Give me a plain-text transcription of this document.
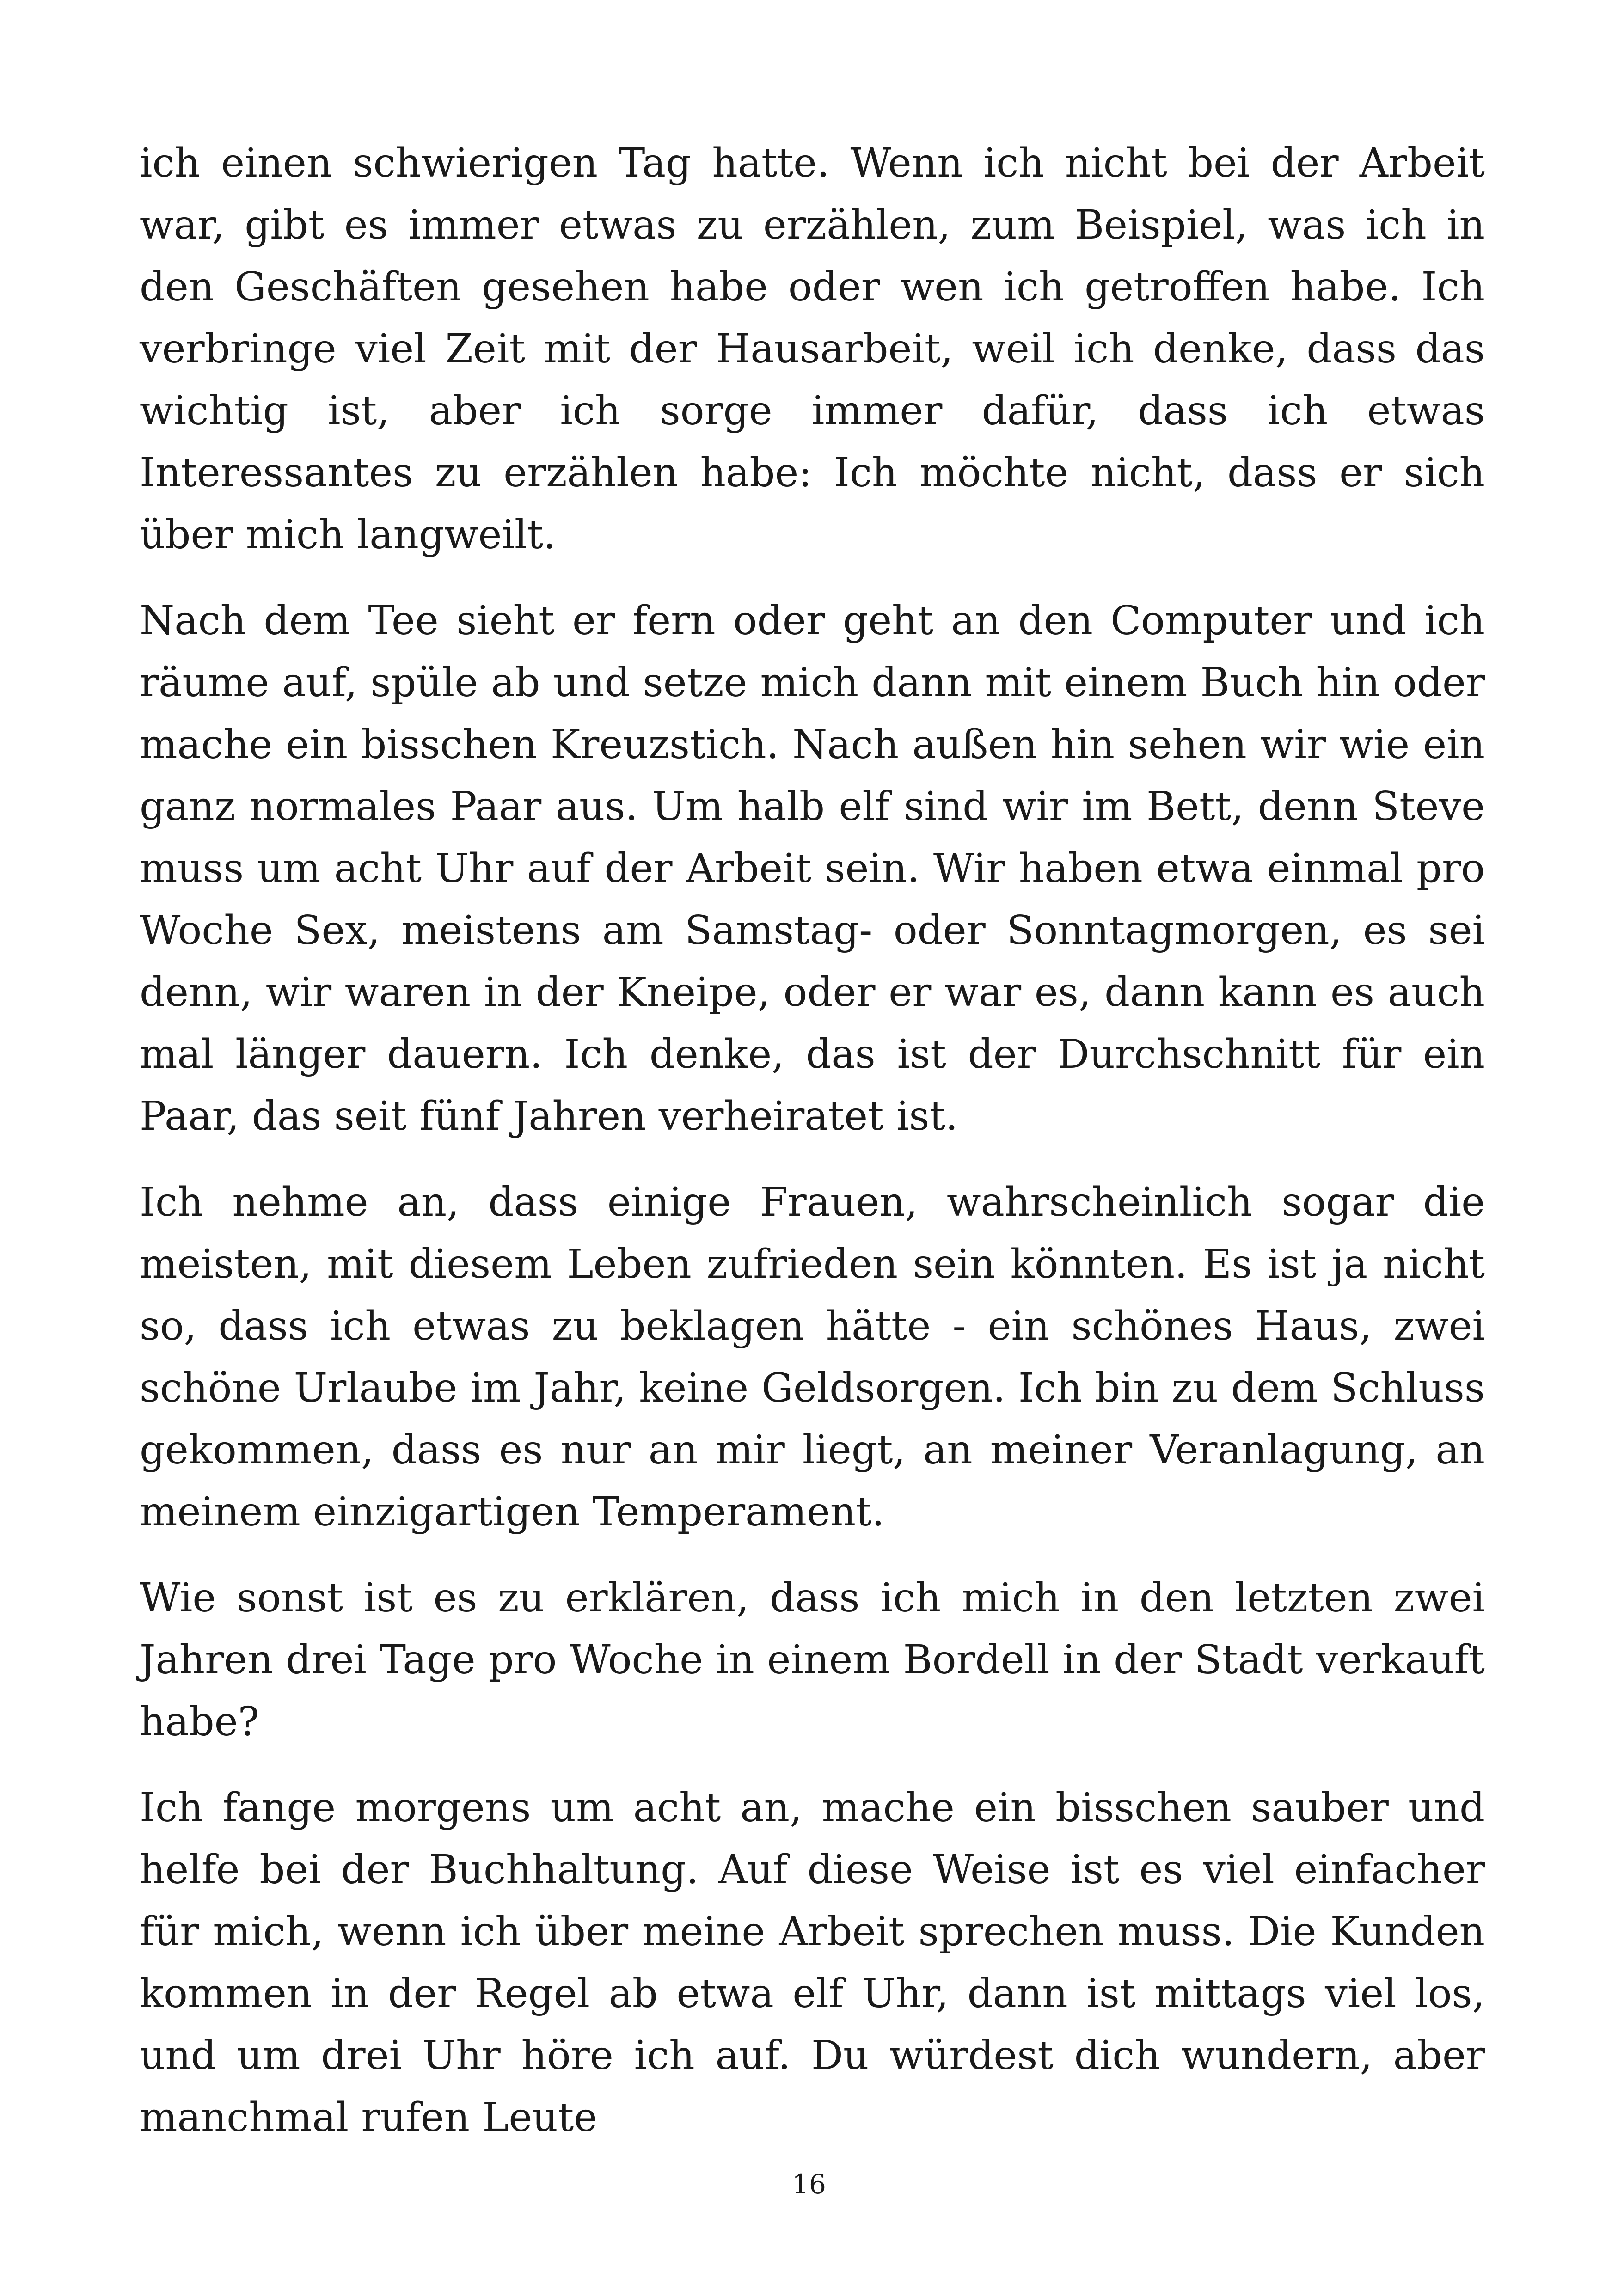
ich einen schwierigen Tag hatte. Wenn ich nicht bei der Arbeit war, gibt es immer etwas zu erzählen, zum Beispiel, was ich in den Geschäften gesehen habe oder wen ich getroffen habe. Ich verbringe viel Zeit mit der Hausarbeit, weil ich denke, dass das wichtig ist, aber ich sorge immer dafür, dass ich etwas Interessantes zu erzählen habe: Ich möchte nicht, dass er sich über mich langweilt.

Nach dem Tee sieht er fern oder geht an den Computer und ich räume auf, spüle ab und setze mich dann mit einem Buch hin oder mache ein bisschen Kreuzstich. Nach außen hin sehen wir wie ein ganz normales Paar aus. Um halb elf sind wir im Bett, denn Steve muss um acht Uhr auf der Arbeit sein. Wir haben etwa einmal pro Woche Sex, meistens am Samstag- oder Sonntagmorgen, es sei denn, wir waren in der Kneipe, oder er war es, dann kann es auch mal länger dauern. Ich denke, das ist der Durchschnitt für ein Paar, das seit fünf Jahren verheiratet ist.

Ich nehme an, dass einige Frauen, wahrscheinlich sogar die meisten, mit diesem Leben zufrieden sein könnten. Es ist ja nicht so, dass ich etwas zu beklagen hätte - ein schönes Haus, zwei schöne Urlaube im Jahr, keine Geldsorgen. Ich bin zu dem Schluss gekommen, dass es nur an mir liegt, an meiner Veranlagung, an meinem einzigartigen Temperament.

Wie sonst ist es zu erklären, dass ich mich in den letzten zwei Jahren drei Tage pro Woche in einem Bordell in der Stadt verkauft habe?

Ich fange morgens um acht an, mache ein bisschen sauber und helfe bei der Buchhaltung. Auf diese Weise ist es viel einfacher für mich, wenn ich über meine Arbeit sprechen muss. Die Kunden kommen in der Regel ab etwa elf Uhr, dann ist mittags viel los, und um drei Uhr höre ich auf. Du würdest dich wundern, aber manchmal rufen Leute

16
